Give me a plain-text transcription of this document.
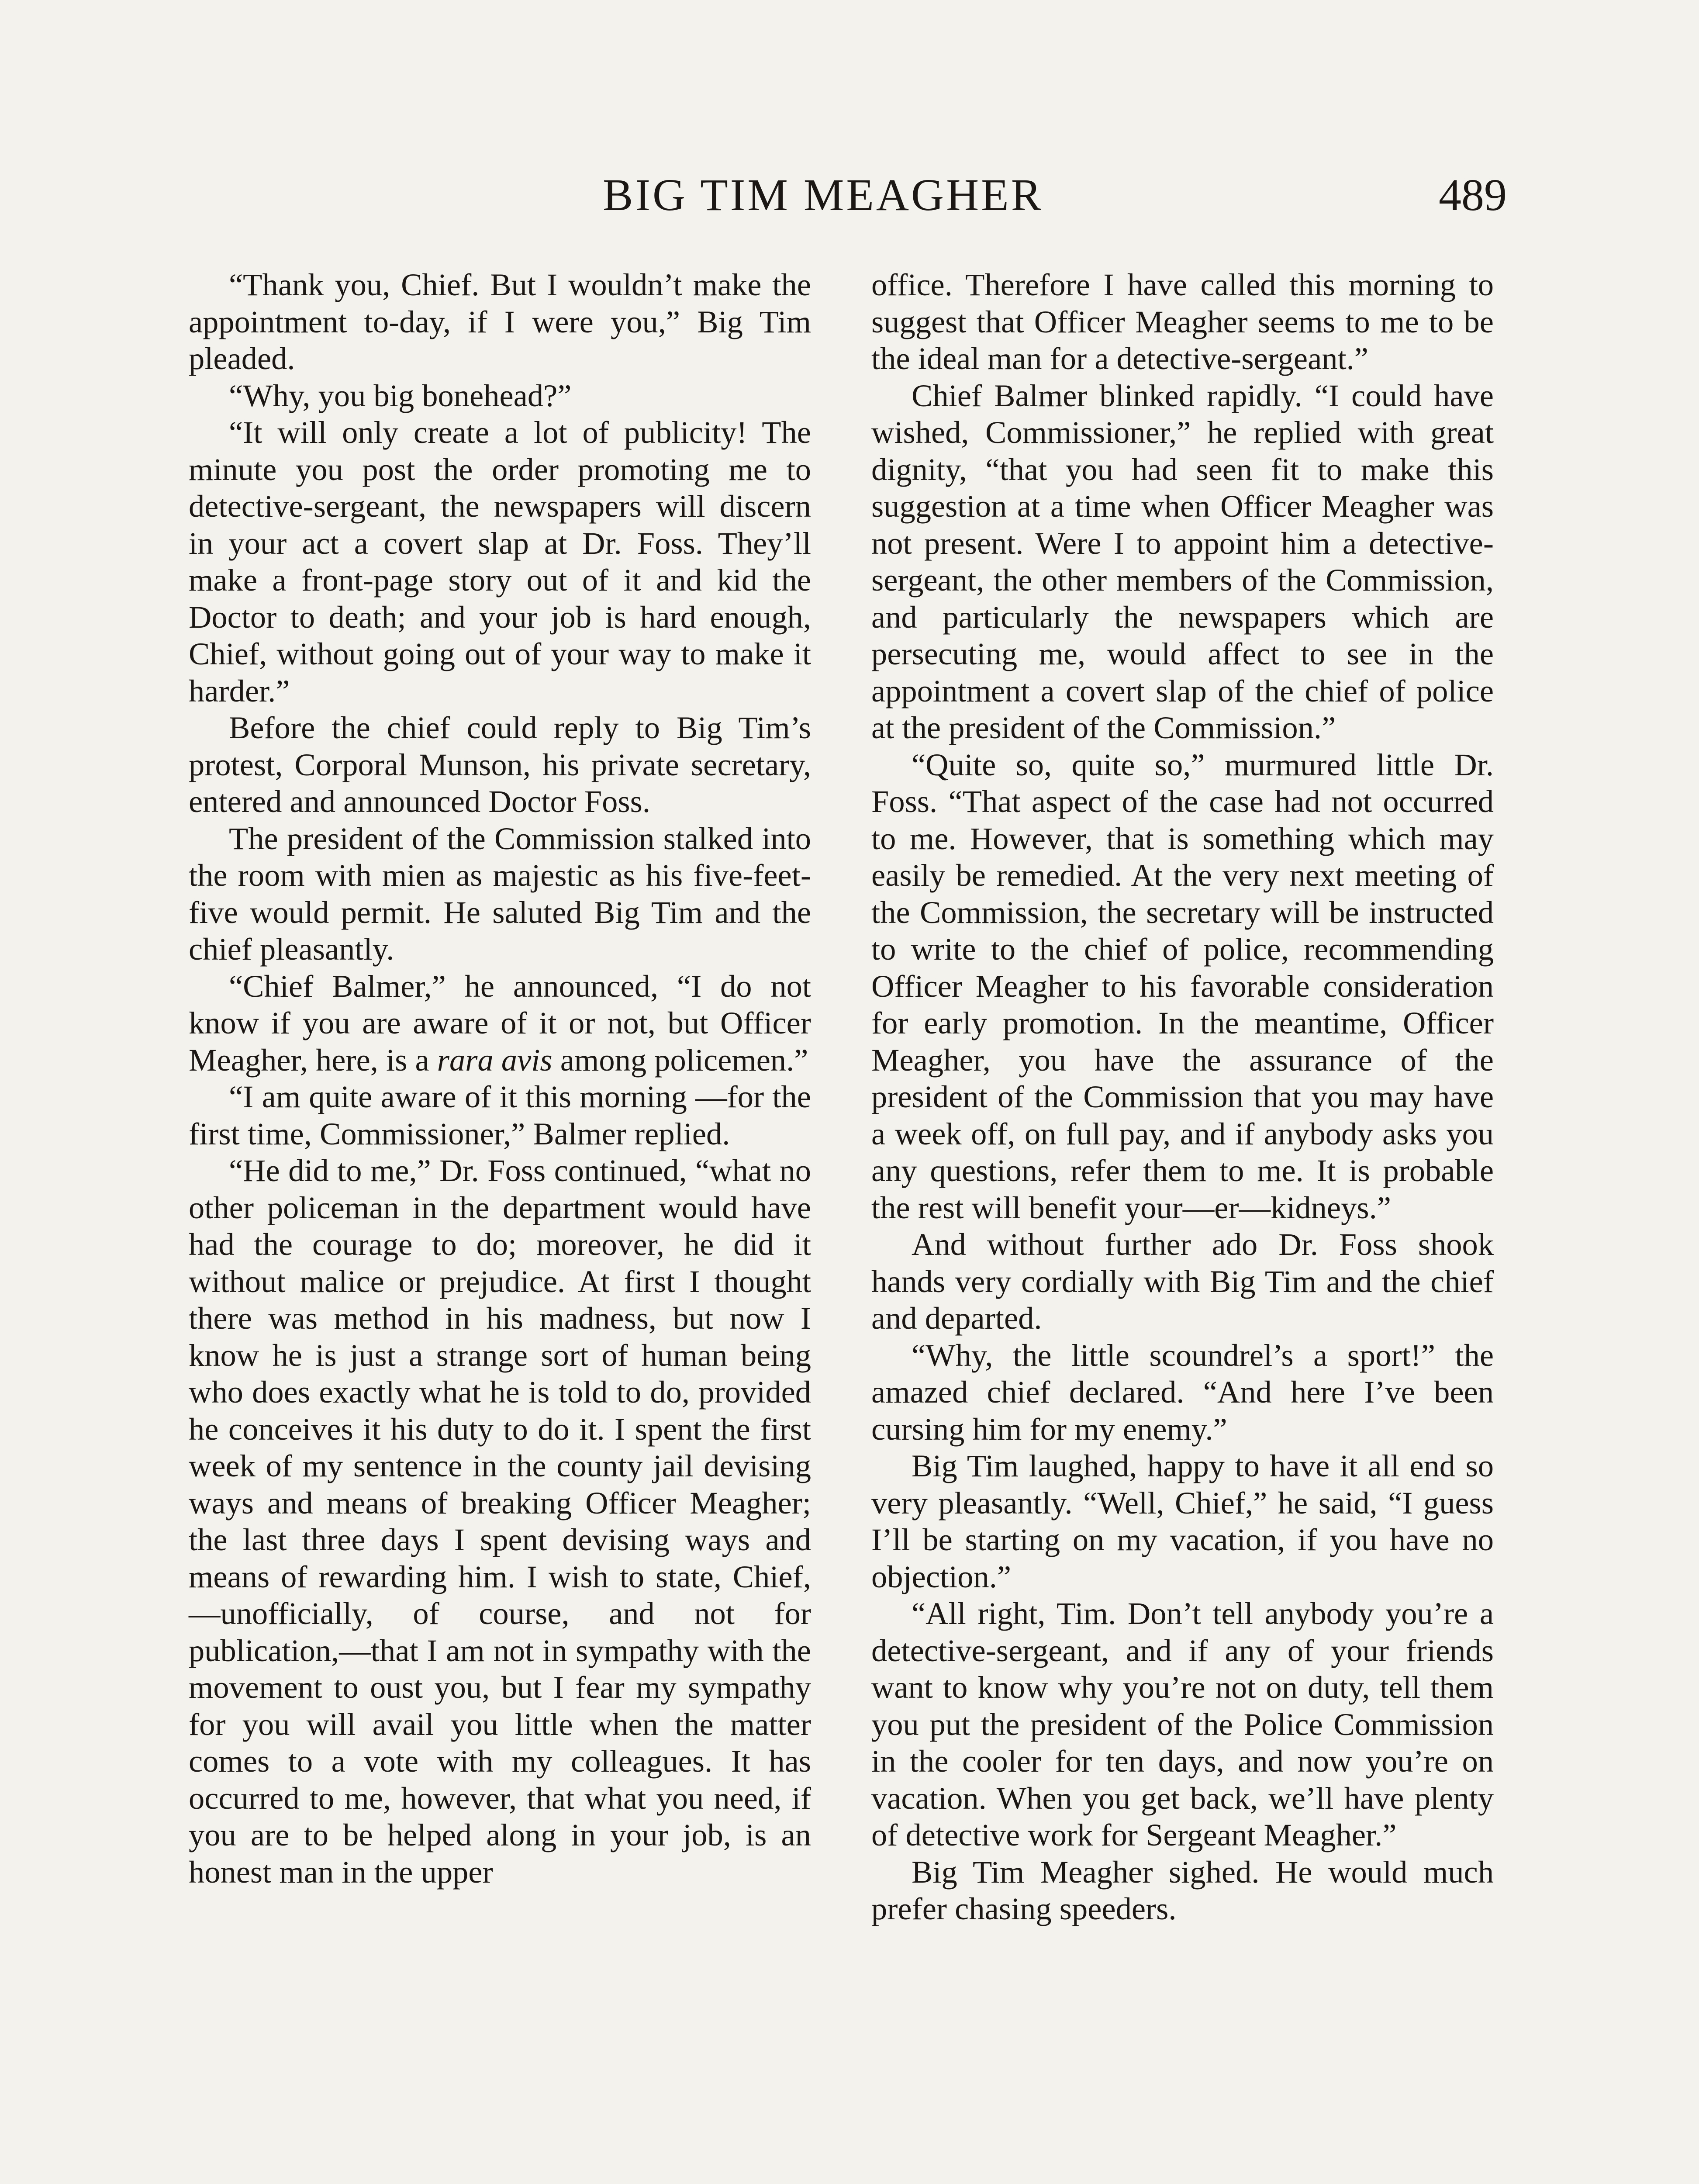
BIG TIM MEAGHER	489

“Thank you, Chief. But I wouldn’t make the appointment to-day, if I were you,” Big Tim pleaded.

“Why, you big bonehead?”

“It will only create a lot of publicity! The minute you post the order promoting me to detective-sergeant, the newspapers will discern in your act a covert slap at Dr. Foss. They’ll make a front-page story out of it and kid the Doctor to death; and your job is hard enough, Chief, without going out of your way to make it harder.”

Before the chief could reply to Big Tim’s protest, Corporal Munson, his private secretary, entered and announced Doctor Foss.

The president of the Commission stalked into the room with mien as majestic as his five-feet-five would permit. He saluted Big Tim and the chief pleasantly.

“Chief Balmer,” he announced, “I do not know if you are aware of it or not, but Officer Meagher, here, is a rara avis among policemen.”

“I am quite aware of it this morning —for the first time, Commissioner,” Balmer replied.

“He did to me,” Dr. Foss continued, “what no other policeman in the department would have had the courage to do; moreover, he did it without malice or prejudice. At first I thought there was method in his madness, but now I know he is just a strange sort of human being who does exactly what he is told to do, provided he conceives it his duty to do it. I spent the first week of my sentence in the county jail devising ways and means of breaking Officer Meagher; the last three days I spent devising ways and means of rewarding him. I wish to state, Chief,—unofficially, of course, and not for publication,—that I am not in sympathy with the movement to oust you, but I fear my sympathy for you will avail you little when the matter comes to a vote with my colleagues. It has occurred to me, however, that what you need, if you are to be helped along in your job, is an honest man in the upper

office. Therefore I have called this morning to suggest that Officer Meagher seems to me to be the ideal man for a detective-sergeant.”

Chief Balmer blinked rapidly. “I could have wished, Commissioner,” he replied with great dignity, “that you had seen fit to make this suggestion at a time when Officer Meagher was not present. Were I to appoint him a detective-sergeant, the other members of the Commission, and particularly the newspapers which are persecuting me, would affect to see in the appointment a covert slap of the chief of police at the president of the Commission.”

“Quite so, quite so,” murmured little Dr. Foss. “That aspect of the case had not occurred to me. However, that is something which may easily be remedied. At the very next meeting of the Commission, the secretary will be instructed to write to the chief of police, recommending Officer Meagher to his favorable consideration for early promotion. In the meantime, Officer Meagher, you have the assurance of the president of the Commission that you may have a week off, on full pay, and if anybody asks you any questions, refer them to me. It is probable the rest will benefit your—er—kidneys.”

And without further ado Dr. Foss shook hands very cordially with Big Tim and the chief and departed.

“Why, the little scoundrel’s a sport!” the amazed chief declared. “And here I’ve been cursing him for my enemy.”

Big Tim laughed, happy to have it all end so very pleasantly. “Well, Chief,” he said, “I guess I’ll be starting on my vacation, if you have no objection.”

“All right, Tim. Don’t tell anybody you’re a detective-sergeant, and if any of your friends want to know why you’re not on duty, tell them you put the president of the Police Commission in the cooler for ten days, and now you’re on vacation. When you get back, we’ll have plenty of detective work for Sergeant Meagher.”

Big Tim Meagher sighed. He would much prefer chasing speeders.
